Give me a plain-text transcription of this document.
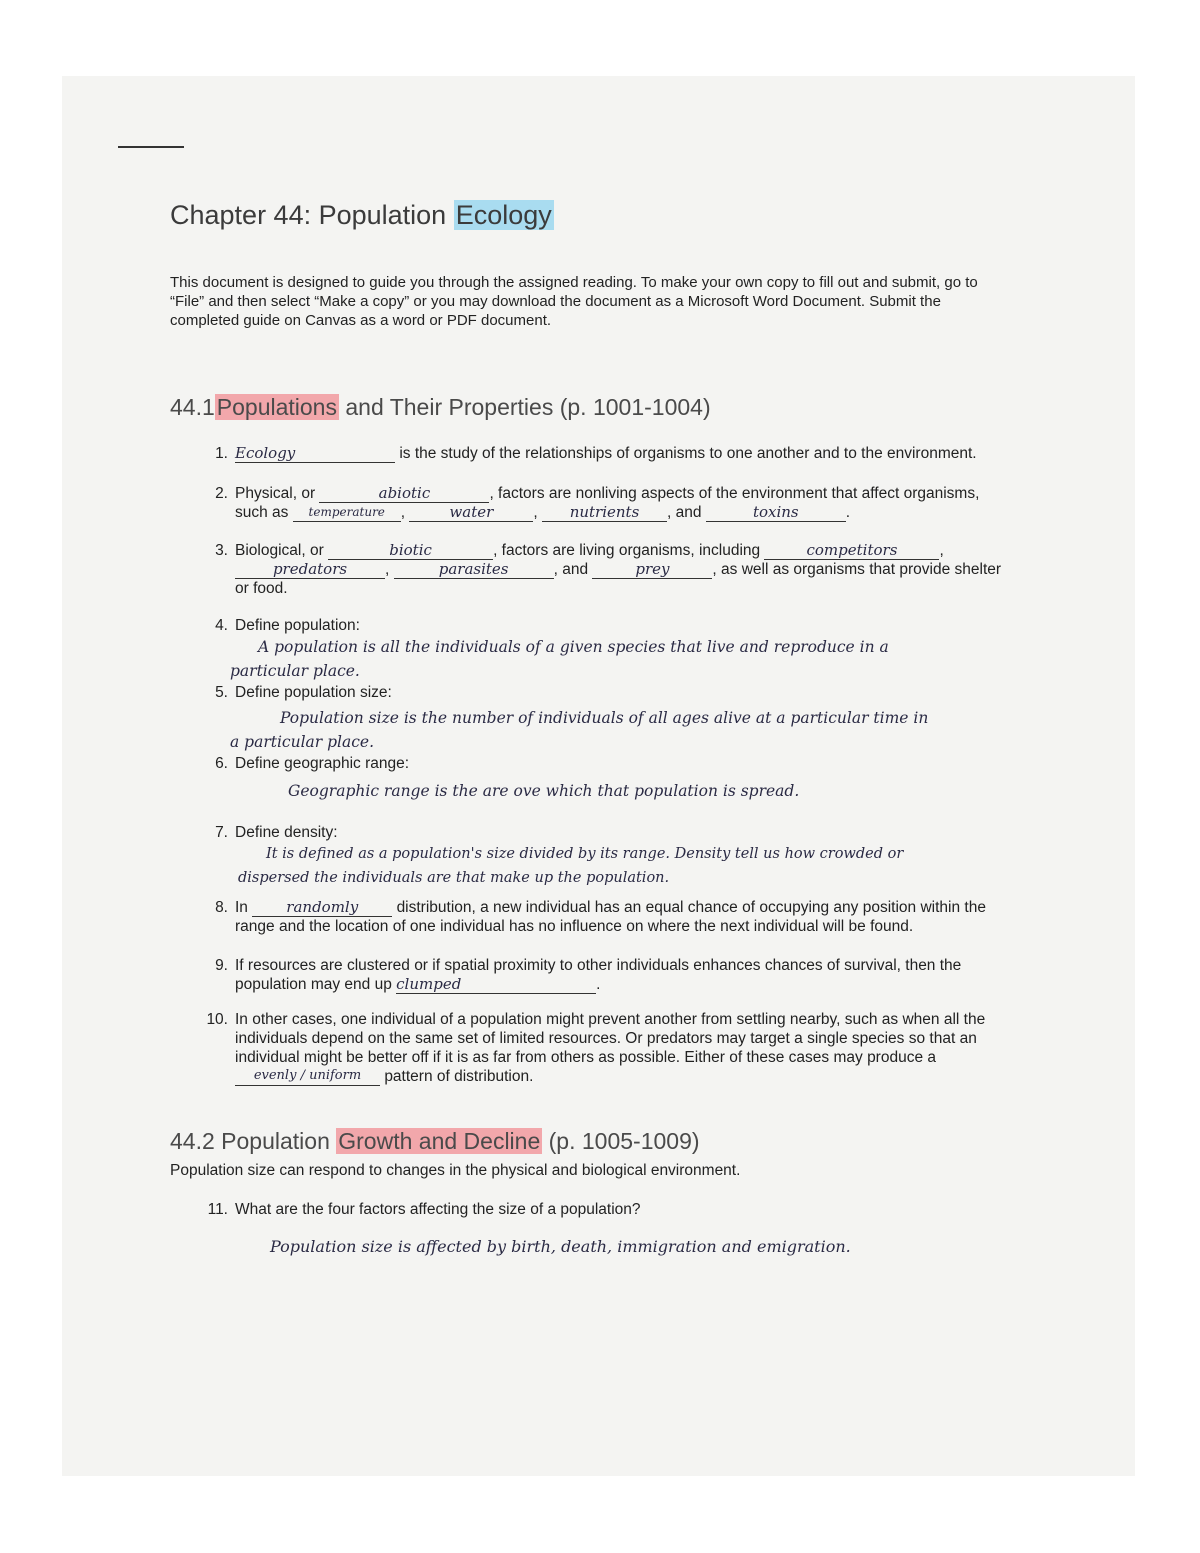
Chapter 44: Population Ecology
This document is designed to guide you through the assigned reading. To make your own copy to fill out and submit, go to “File” and then select “Make a copy” or you may download the document as a Microsoft Word Document. Submit the completed guide on Canvas as a word or PDF document.
44.1Populations and Their Properties (p. 1001-1004)
1. Ecology	is the study of the relationships of organisms to one another and to the environment.
2. Physical, or	abiotic	, factors are nonliving aspects of the environment that affect organisms, such as temperature ,	water	, nutrients , and	toxins	.
3. Biological, or	biotic	, factors are living organisms, including	competitors	, predators ,	parasites	, and	prey	, as well as organisms that provide shelter or food.
4. Define population:
A population is all the individuals of a given species that live and reproduce in a particular place.
5. Define population size:
Population size is the number of individuals of all ages alive at a particular time in a particular place.
6. Define geographic range:
Geographic range is the are ove which that population is spread.
7. Define density:
It is defined as a population's size divided by its range. Density tell us how crowded or dispersed the individuals are that make up the population.
8. In	randomly distribution, a new individual has an equal chance of occupying any position within the range and the location of one individual has no influence on where the next individual will be found.
9. If resources are clustered or if spatial proximity to other individuals enhances chances of survival, then the population may end up clumped	.
10. In other cases, one individual of a population might prevent another from settling nearby, such as when all the individuals depend on the same set of limited resources. Or predators may target a single species so that an individual might be better off if it is as far from others as possible. Either of these cases may produce a evenly / uniform pattern of distribution.
44.2 Population Growth and Decline (p. 1005-1009)
Population size can respond to changes in the physical and biological environment.
11. What are the four factors affecting the size of a population?
Population size is affected by birth, death, immigration and emigration.
